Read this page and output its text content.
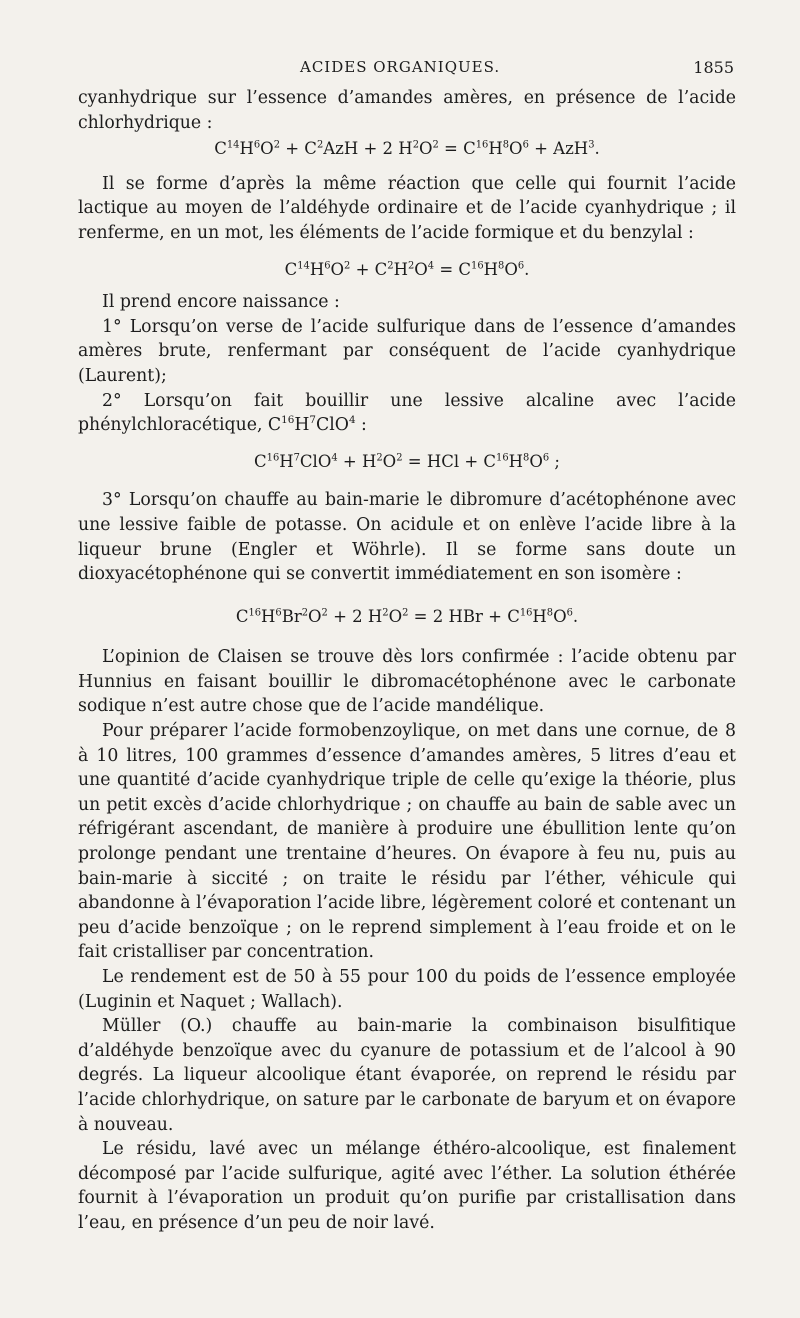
ACIDES ORGANIQUES.	1855

cyanhydrique sur l’essence d’amandes amères, en présence de l’acide chlorhydrique :

$C^{14}H^6O^2 + C^2AzH + 2$ $H^2O^2 = C^{16}H^8O^6 + AzH^3$.

Il se forme d’après la même réaction que celle qui fournit l’acide lactique au moyen de l’aldéhyde ordinaire et de l’acide cyanhydrique ; il renferme, en un mot, les éléments de l’acide formique et du benzylal :

$C^{14}H^6O^2 + C^2H^2O^4 = C^{16}H^8O^6$.

Il prend encore naissance :

1° Lorsqu’on verse de l’acide sulfurique dans de l’essence d’amandes amères brute, renfermant par conséquent de l’acide cyanhydrique (Laurent);

2° Lorsqu’on fait bouillir une lessive alcaline avec l’acide phénylchloracétique, $C^{16}H^7ClO^4$ :

$C^{16}H^7ClO^4 + H^2O^2$ = HCl + $C^{16}H^8O^6$ ;

3° Lorsqu’on chauffe au bain-marie le dibromure d’acétophénone avec une lessive faible de potasse. On acidule et on enlève l’acide libre à la liqueur brune (Engler et Wöhrle). Il se forme sans doute un dioxyacétophénone qui se convertit immédiatement en son isomère :

$C^{16}H^6Br^2O^2 + 2$ $H^2O^2 = 2$ HBr + $C^{16}H^8O^6$.

L’opinion de Claisen se trouve dès lors confirmée : l’acide obtenu par Hunnius en faisant bouillir le dibromacétophénone avec le carbonate sodique n’est autre chose que de l’acide mandélique.

Pour préparer l’acide formobenzoylique, on met dans une cornue, de 8 à 10 litres, 100 grammes d’essence d’amandes amères, 5 litres d’eau et une quantité d’acide cyanhydrique triple de celle qu’exige la théorie, plus un petit excès d’acide chlorhydrique ; on chauffe au bain de sable avec un réfrigérant ascendant, de manière à produire une ébullition lente qu’on prolonge pendant une trentaine d’heures. On évapore à feu nu, puis au bain-marie à siccité ; on traite le résidu par l’éther, véhicule qui abandonne à l’évaporation l’acide libre, légèrement coloré et contenant un peu d’acide benzoïque ; on le reprend simplement à l’eau froide et on le fait cristalliser par concentration.

Le rendement est de 50 à 55 pour 100 du poids de l’essence employée (Luginin et Naquet ; Wallach).

Müller (O.) chauffe au bain-marie la combinaison bisulfitique d’aldéhyde benzoïque avec du cyanure de potassium et de l’alcool à 90 degrés. La liqueur alcoolique étant évaporée, on reprend le résidu par l’acide chlorhydrique, on sature par le carbonate de baryum et on évapore à nouveau.

Le résidu, lavé avec un mélange éthéro-alcoolique, est finalement décomposé par l’acide sulfurique, agité avec l’éther. La solution éthérée fournit à l’évaporation un produit qu’on purifie par cristallisation dans l’eau, en présence d’un peu de noir lavé.
